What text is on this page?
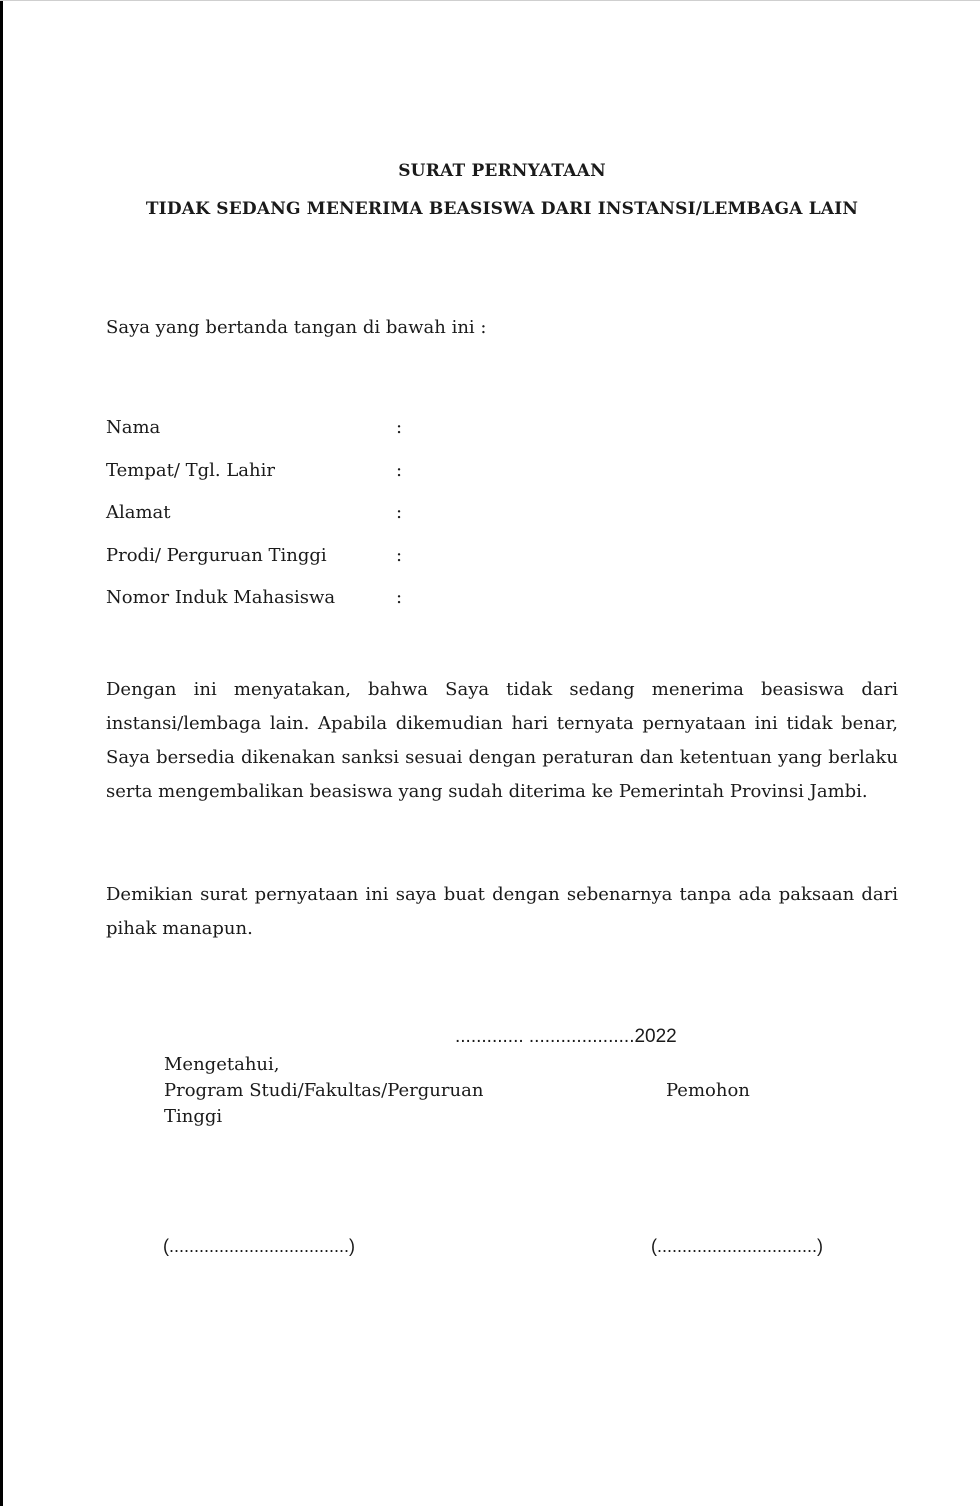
SURAT PERNYATAAN
TIDAK SEDANG MENERIMA BEASISWA DARI INSTANSI/LEMBAGA LAIN

Saya yang bertanda tangan di bawah ini :

Nama	:
Tempat/ Tgl. Lahir	:
Alamat	:
Prodi/ Perguruan Tinggi	:
Nomor Induk Mahasiswa	:

Dengan ini menyatakan, bahwa Saya tidak sedang menerima beasiswa dari instansi/lembaga lain. Apabila dikemudian hari ternyata pernyataan ini tidak benar, Saya bersedia dikenakan sanksi sesuai dengan peraturan dan ketentuan yang berlaku serta mengembalikan beasiswa yang sudah diterima ke Pemerintah Provinsi Jambi.

Demikian surat pernyataan ini saya buat dengan sebenarnya tanpa ada paksaan dari pihak manapun.

............. ....................2022

Mengetahui,
Program Studi/Fakultas/Perguruan
Tinggi
Pemohon

(....................................)	(................................)
